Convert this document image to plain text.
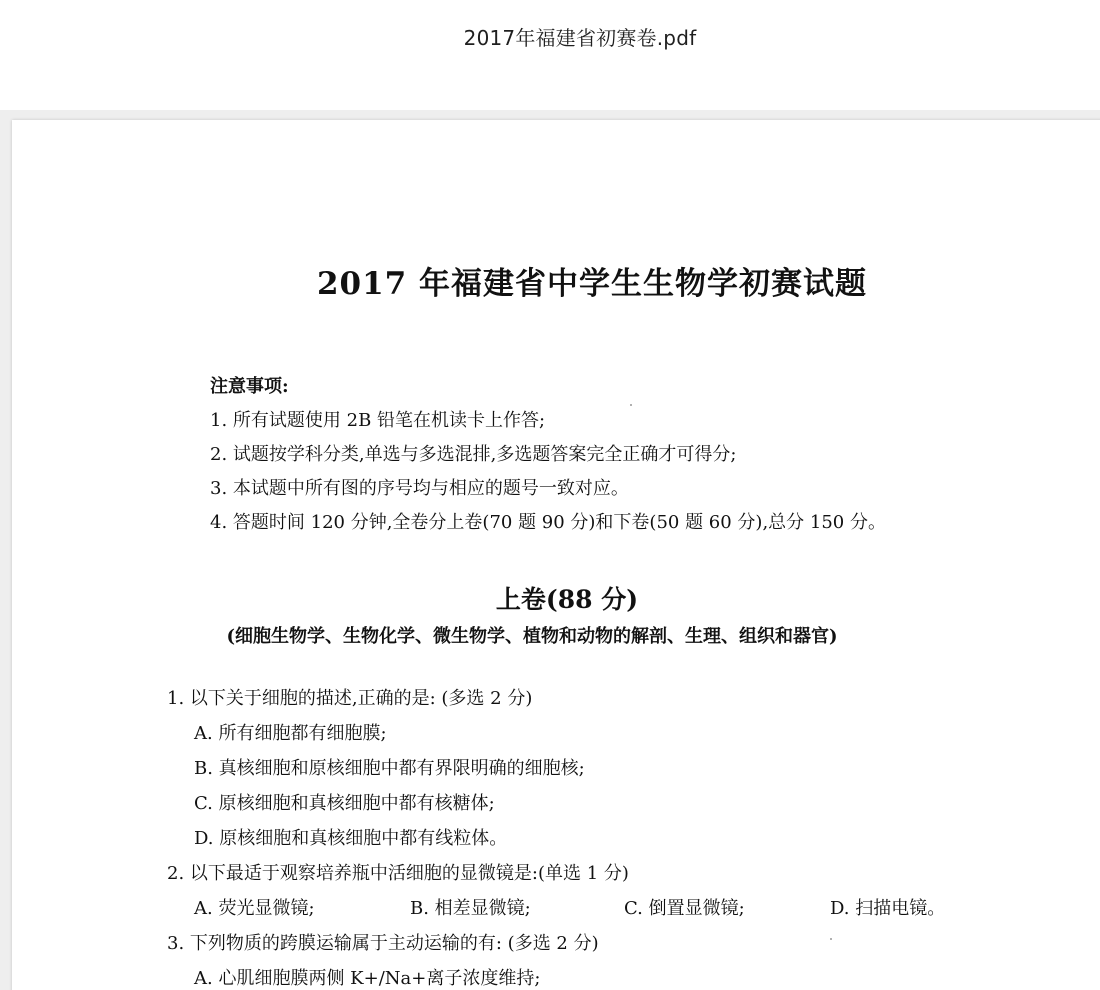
2017年福建省初赛卷.pdf
2017 年福建省中学生生物学初赛试题
注意事项:
1. 所有试题使用 2B 铅笔在机读卡上作答;
2. 试题按学科分类,单选与多选混排,多选题答案完全正确才可得分;
3. 本试题中所有图的序号均与相应的题号一致对应。
4. 答题时间 120 分钟,全卷分上卷(70 题 90 分)和下卷(50 题 60 分),总分 150 分。
上卷(88 分)
(细胞生物学、生物化学、微生物学、植物和动物的解剖、生理、组织和器官)
1. 以下关于细胞的描述,正确的是: (多选 2 分)
A. 所有细胞都有细胞膜;
B. 真核细胞和原核细胞中都有界限明确的细胞核;
C. 原核细胞和真核细胞中都有核糖体;
D. 原核细胞和真核细胞中都有线粒体。
2. 以下最适于观察培养瓶中活细胞的显微镜是:(单选 1 分)
A. 荧光显微镜;	B. 相差显微镜;	C. 倒置显微镜;	D. 扫描电镜。
3. 下列物质的跨膜运输属于主动运输的有: (多选 2 分)
A. 心肌细胞膜两侧 K+/Na+离子浓度维持;
